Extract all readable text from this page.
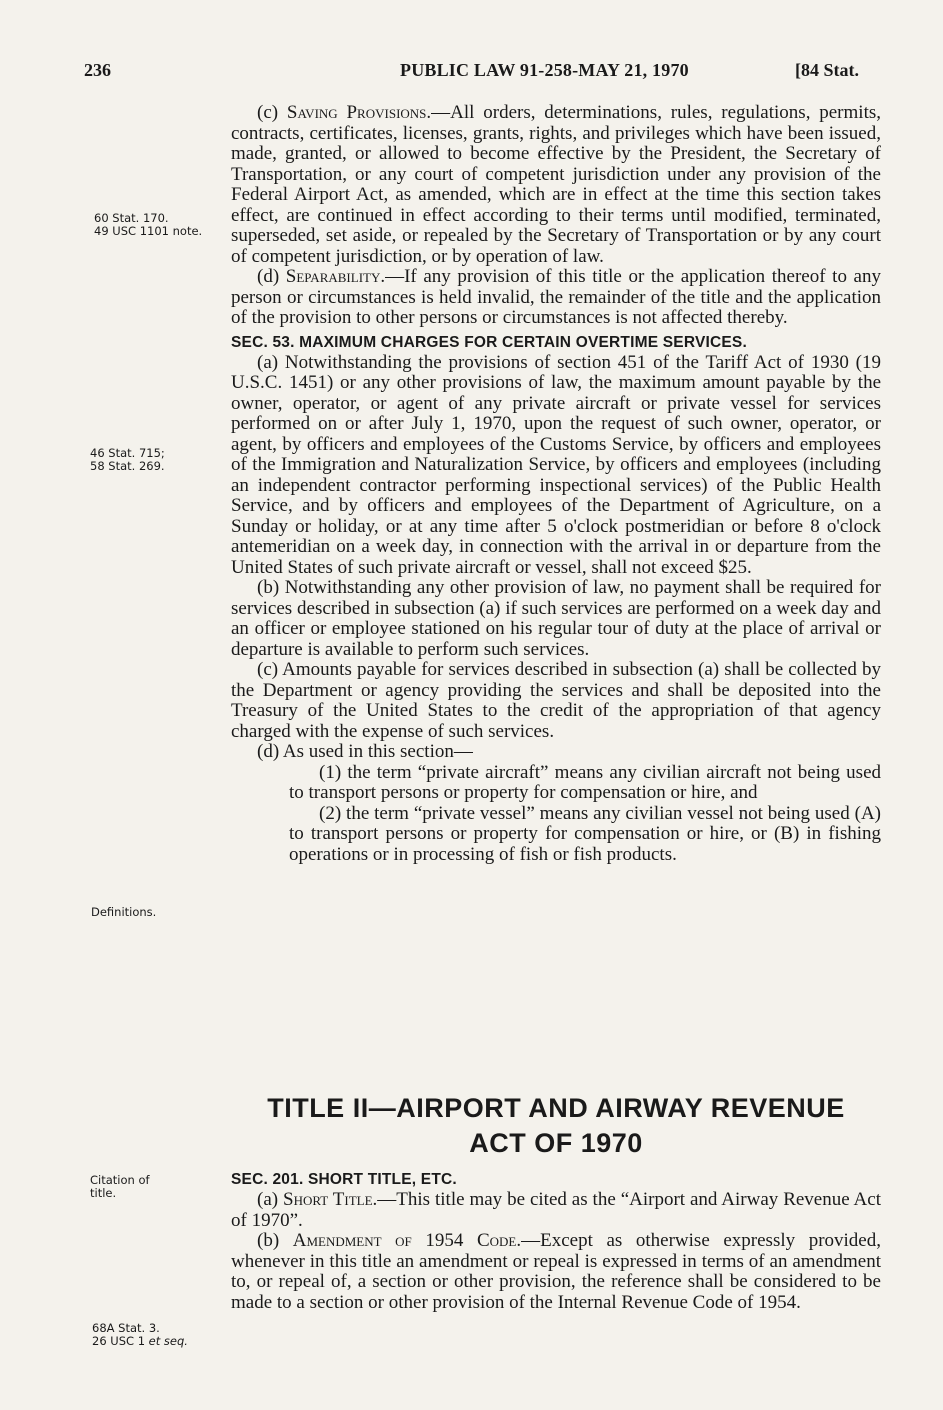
236	PUBLIC LAW 91-258-MAY 21, 1970	[84 Stat.
60 Stat. 170.
49 USC 1101 note.
46 Stat. 715;
58 Stat. 269.
Definitions.
Citation of
title.
68A Stat. 3.
26 USC 1 et seq.

(c) Saving Provisions.—All orders, determinations, rules, regulations, permits, contracts, certificates, licenses, grants, rights, and privileges which have been issued, made, granted, or allowed to become effective by the President, the Secretary of Transportation, or any court of competent jurisdiction under any provision of the Federal Airport Act, as amended, which are in effect at the time this section takes effect, are continued in effect according to their terms until modified, terminated, superseded, set aside, or repealed by the Secretary of Transportation or by any court of competent jurisdiction, or by operation of law.

(d) Separability.—If any provision of this title or the application thereof to any person or circumstances is held invalid, the remainder of the title and the application of the provision to other persons or circumstances is not affected thereby.

SEC. 53. MAXIMUM CHARGES FOR CERTAIN OVERTIME SERVICES.

(a) Notwithstanding the provisions of section 451 of the Tariff Act of 1930 (19 U.S.C. 1451) or any other provisions of law, the maximum amount payable by the owner, operator, or agent of any private aircraft or private vessel for services performed on or after July 1, 1970, upon the request of such owner, operator, or agent, by officers and employees of the Customs Service, by officers and employees of the Immigration and Naturalization Service, by officers and employees (including an independent contractor performing inspectional services) of the Public Health Service, and by officers and employees of the Department of Agriculture, on a Sunday or holiday, or at any time after 5 o'clock postmeridian or before 8 o'clock antemeridian on a week day, in connection with the arrival in or departure from the United States of such private aircraft or vessel, shall not exceed $25.

(b) Notwithstanding any other provision of law, no payment shall be required for services described in subsection (a) if such services are performed on a week day and an officer or employee stationed on his regular tour of duty at the place of arrival or departure is available to perform such services.

(c) Amounts payable for services described in subsection (a) shall be collected by the Department or agency providing the services and shall be deposited into the Treasury of the United States to the credit of the appropriation of that agency charged with the expense of such services.

(d) As used in this section—

(1) the term “private aircraft” means any civilian aircraft not being used to transport persons or property for compensation or hire, and

(2) the term “private vessel” means any civilian vessel not being used (A) to transport persons or property for compensation or hire, or (B) in fishing operations or in processing of fish or fish products.

TITLE II—AIRPORT AND AIRWAY REVENUE
ACT OF 1970
SEC. 201. SHORT TITLE, ETC.

(a) Short Title.—This title may be cited as the “Airport and Airway Revenue Act of 1970”.

(b) Amendment of 1954 Code.—Except as otherwise expressly provided, whenever in this title an amendment or repeal is expressed in terms of an amendment to, or repeal of, a section or other provision, the reference shall be considered to be made to a section or other provision of the Internal Revenue Code of 1954.
